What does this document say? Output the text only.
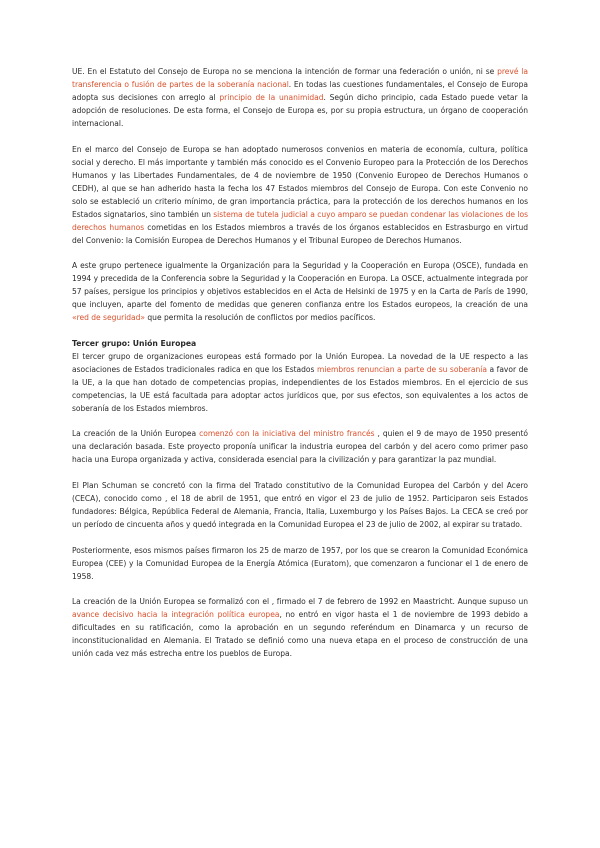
UE. En el Estatuto del Consejo de Europa no se menciona la intención de formar una federación o unión, ni se prevé la transferencia o fusión de partes de la soberanía nacional. En todas las cuestiones fundamentales, el Consejo de Europa adopta sus decisiones con arreglo al principio de la unanimidad. Según dicho principio, cada Estado puede vetar la adopción de resoluciones. De esta forma, el Consejo de Europa es, por su propia estructura, un órgano de cooperación internacional.

En el marco del Consejo de Europa se han adoptado numerosos convenios en materia de economía, cultura, política social y derecho. El más importante y también más conocido es el Convenio Europeo para la Protección de los Derechos Humanos y las Libertades Fundamentales, de 4 de noviembre de 1950 (Convenio Europeo de Derechos Humanos o CEDH), al que se han adherido hasta la fecha los 47 Estados miembros del Consejo de Europa. Con este Convenio no solo se estableció un criterio mínimo, de gran importancia práctica, para la protección de los derechos humanos en los Estados signatarios, sino también un sistema de tutela judicial a cuyo amparo se puedan condenar las violaciones de los derechos humanos cometidas en los Estados miembros a través de los órganos establecidos en Estrasburgo en virtud del Convenio: la Comisión Europea de Derechos Humanos y el Tribunal Europeo de Derechos Humanos.

A este grupo pertenece igualmente la Organización para la Seguridad y la Cooperación en Europa (OSCE), fundada en 1994 y precedida de la Conferencia sobre la Seguridad y la Cooperación en Europa. La OSCE, actualmente integrada por 57 países, persigue los principios y objetivos establecidos en el Acta de Helsinki de 1975 y en la Carta de París de 1990, que incluyen, aparte del fomento de medidas que generen confianza entre los Estados europeos, la creación de una «red de seguridad» que permita la resolución de conflictos por medios pacíficos.

Tercer grupo: Unión Europea

El tercer grupo de organizaciones europeas está formado por la Unión Europea. La novedad de la UE respecto a las asociaciones de Estados tradicionales radica en que los Estados miembros renuncian a parte de su soberanía a favor de la UE, a la que han dotado de competencias propias, independientes de los Estados miembros. En el ejercicio de sus competencias, la UE está facultada para adoptar actos jurídicos que, por sus efectos, son equivalentes a los actos de soberanía de los Estados miembros.

La creación de la Unión Europea comenzó con la iniciativa del ministro francés , quien el 9 de mayo de 1950 presentó una declaración basada. Este proyecto proponía unificar la industria europea del carbón y del acero como primer paso hacia una Europa organizada y activa, considerada esencial para la civilización y para garantizar la paz mundial.

El Plan Schuman se concretó con la firma del Tratado constitutivo de la Comunidad Europea del Carbón y del Acero (CECA), conocido como , el 18 de abril de 1951, que entró en vigor el 23 de julio de 1952. Participaron seis Estados fundadores: Bélgica, República Federal de Alemania, Francia, Italia, Luxemburgo y los Países Bajos. La CECA se creó por un período de cincuenta años y quedó integrada en la Comunidad Europea el 23 de julio de 2002, al expirar su tratado.

Posteriormente, esos mismos países firmaron los 25 de marzo de 1957, por los que se crearon la Comunidad Económica Europea (CEE) y la Comunidad Europea de la Energía Atómica (Euratom), que comenzaron a funcionar el 1 de enero de 1958.

La creación de la Unión Europea se formalizó con el , firmado el 7 de febrero de 1992 en Maastricht. Aunque supuso un avance decisivo hacia la integración política europea, no entró en vigor hasta el 1 de noviembre de 1993 debido a dificultades en su ratificación, como la aprobación en un segundo referéndum en Dinamarca y un recurso de inconstitucionalidad en Alemania. El Tratado se definió como una nueva etapa en el proceso de construcción de una unión cada vez más estrecha entre los pueblos de Europa.
